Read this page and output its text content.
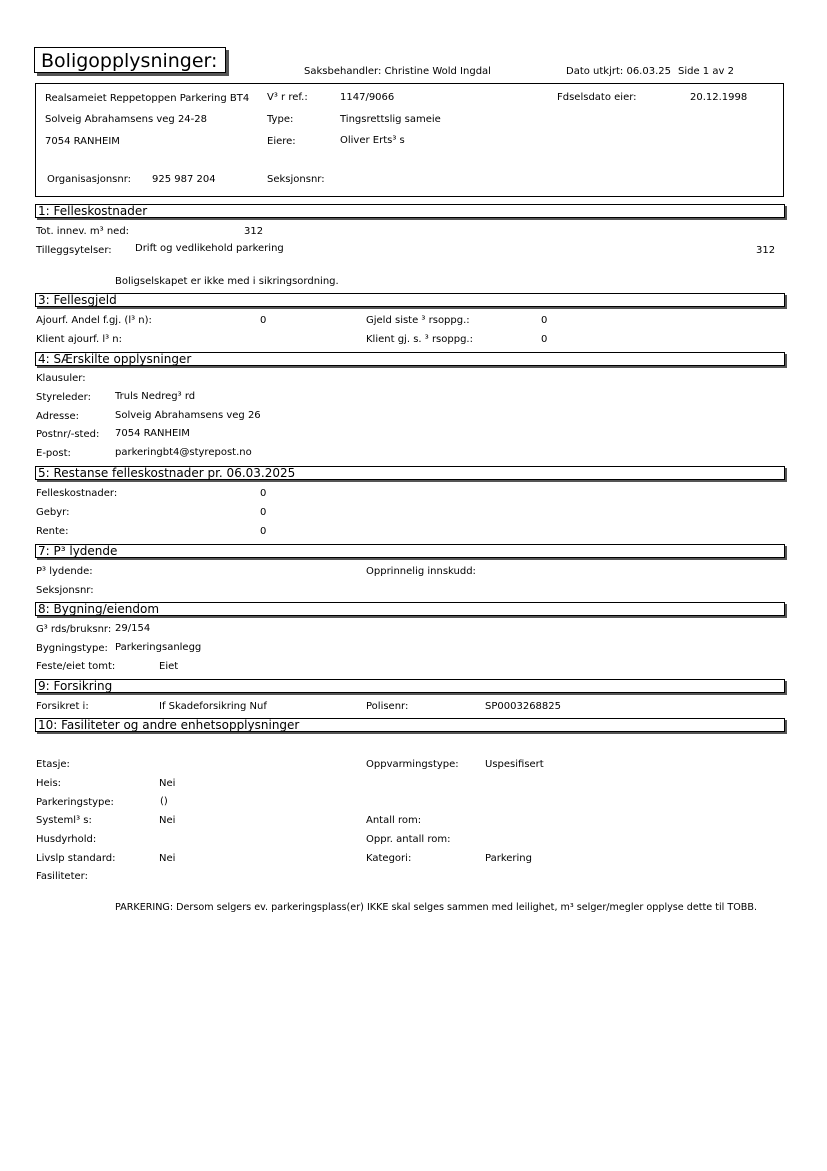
Boligopplysninger:	Saksbehandler: Christine Wold Ingdal	Dato utkjrt: 06.03.25 Side 1 av 2
Realsameiet Reppetoppen Parkering BT4
Solveig Abrahamsens veg 24-28
7054 RANHEIM
Organisasjonsnr: 925 987 204
V³ r ref.:	1147/9066
Type:	Tingsrettslig sameie
Eiere:	Oliver Erts³ s
Seksjonsnr:
Fdselsdato eier:	20.12.1998
1: Felleskostnader
Tot. innev. m³ ned:	312
Tilleggsytelser: Drift og vedlikehold parkering	312
Boligselskapet er ikke med i sikringsordning.
3: Fellesgjeld
Ajourf. Andel f.gj. (l³ n):	0	Gjeld siste ³ rsoppg.:	0
Klient ajourf. l³ n:	Klient gj. s. ³ rsoppg.:	0
4: SÆrskilte opplysninger
Klausuler:
Styreleder: Truls Nedreg³ rd
Adresse:	Solveig Abrahamsens veg 26
Postnr/-sted: 7054 RANHEIM
E-post:	parkeringbt4@styrepost.no
5: Restanse felleskostnader pr. 06.03.2025
Felleskostnader:	0
Gebyr:	0
Rente:	0
7: P³ lydende
P³ lydende:	Opprinnelig innskudd:
Seksjonsnr:
8: Bygning/eiendom
G³ rds/bruksnr: 29/154
Bygningstype: Parkeringsanlegg
Feste/eiet tomt:	Eiet
9: Forsikring
Forsikret i:	If Skadeforsikring Nuf	Polisenr:	SP0003268825
10: Fasiliteter og andre enhetsopplysninger
Etasje:	Oppvarmingstype:	Uspesifisert
Heis:	Nei
Parkeringstype:	()
Systeml³ s:	Nei	Antall rom:
Husdyrhold:	Oppr. antall rom:
Livslp standard:	Nei	Kategori:	Parkering
Fasiliteter:
PARKERING: Dersom selgers ev. parkeringsplass(er) IKKE skal selges sammen med leilighet, m³ selger/megler opplyse dette til TOBB.
